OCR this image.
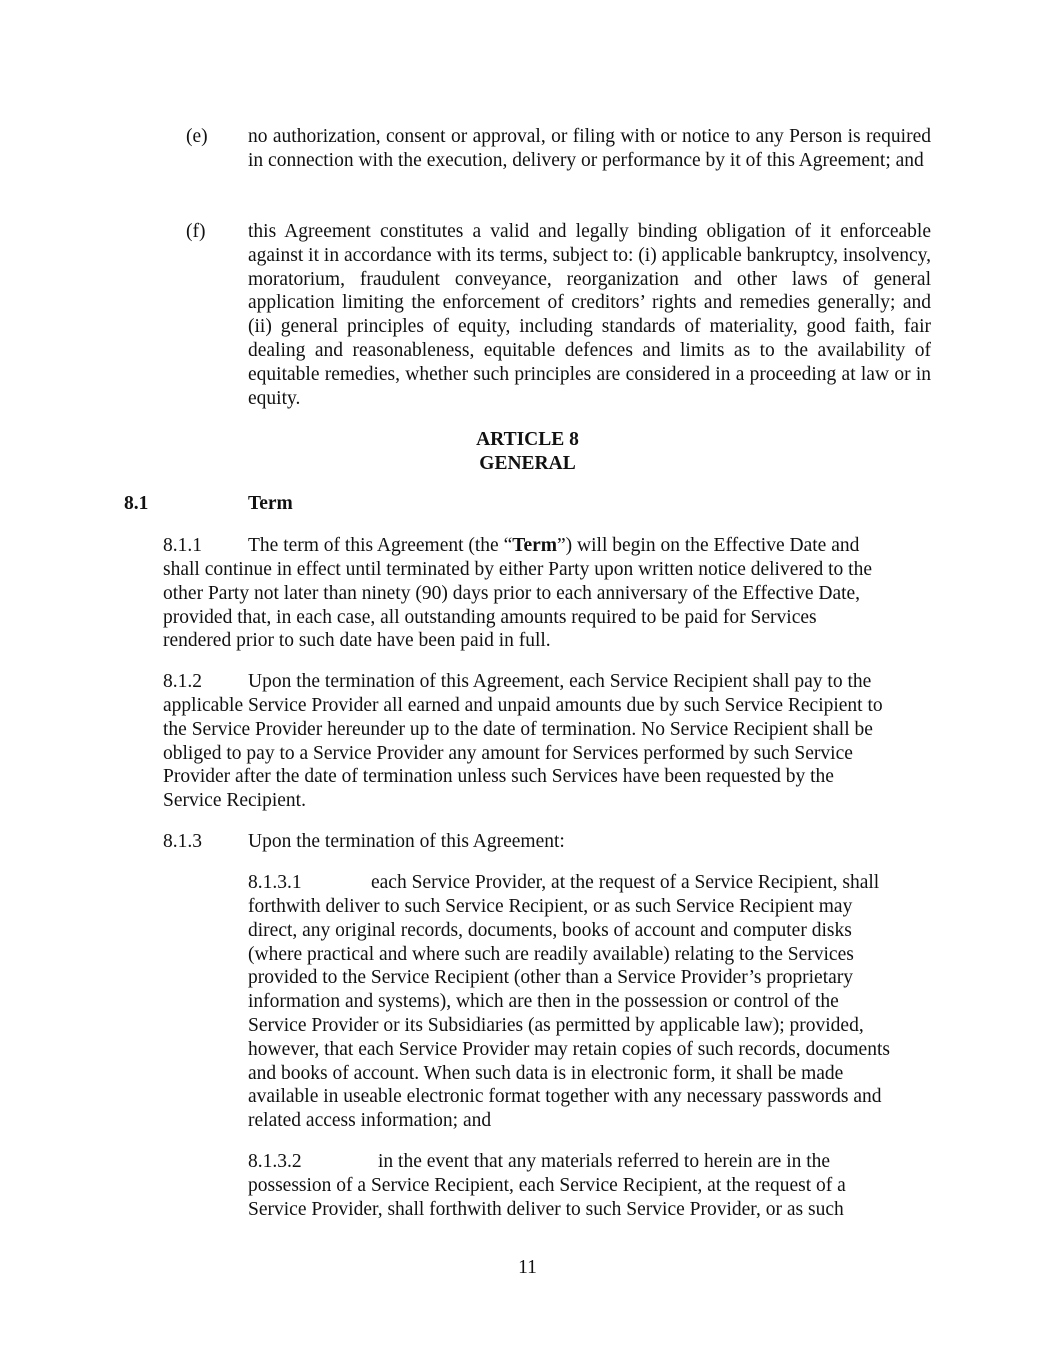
(e) no authorization, consent or approval, or filing with or notice to any Person is required in connection with the execution, delivery or performance by it of this Agreement; and
(f) this Agreement constitutes a valid and legally binding obligation of it enforceable against it in accordance with its terms, subject to: (i) applicable bankruptcy, insolvency, moratorium, fraudulent conveyance, reorganization and other laws of general application limiting the enforcement of creditors’ rights and remedies generally; and (ii) general principles of equity, including standards of materiality, good faith, fair dealing and reasonableness, equitable defences and limits as to the availability of equitable remedies, whether such principles are considered in a proceeding at law or in equity.
ARTICLE 8
GENERAL
8.1	Term
8.1.1 The term of this Agreement (the “Term”) will begin on the Effective Date and
shall continue in effect until terminated by either Party upon written notice delivered to the
other Party not later than ninety (90) days prior to each anniversary of the Effective Date,
provided that, in each case, all outstanding amounts required to be paid for Services
rendered prior to such date have been paid in full.
8.1.2 Upon the termination of this Agreement, each Service Recipient shall pay to the
applicable Service Provider all earned and unpaid amounts due by such Service Recipient to
the Service Provider hereunder up to the date of termination. No Service Recipient shall be
obliged to pay to a Service Provider any amount for Services performed by such Service
Provider after the date of termination unless such Services have been requested by the
Service Recipient.
8.1.3 Upon the termination of this Agreement:
8.1.3.1	each Service Provider, at the request of a Service Recipient, shall
forthwith deliver to such Service Recipient, or as such Service Recipient may
direct, any original records, documents, books of account and computer disks
(where practical and where such are readily available) relating to the Services
provided to the Service Recipient (other than a Service Provider’s proprietary
information and systems), which are then in the possession or control of the
Service Provider or its Subsidiaries (as permitted by applicable law); provided,
however, that each Service Provider may retain copies of such records, documents
and books of account. When such data is in electronic form, it shall be made
available in useable electronic format together with any necessary passwords and
related access information; and
8.1.3.2	in the event that any materials referred to herein are in the
possession of a Service Recipient, each Service Recipient, at the request of a
Service Provider, shall forthwith deliver to such Service Provider, or as such
11
